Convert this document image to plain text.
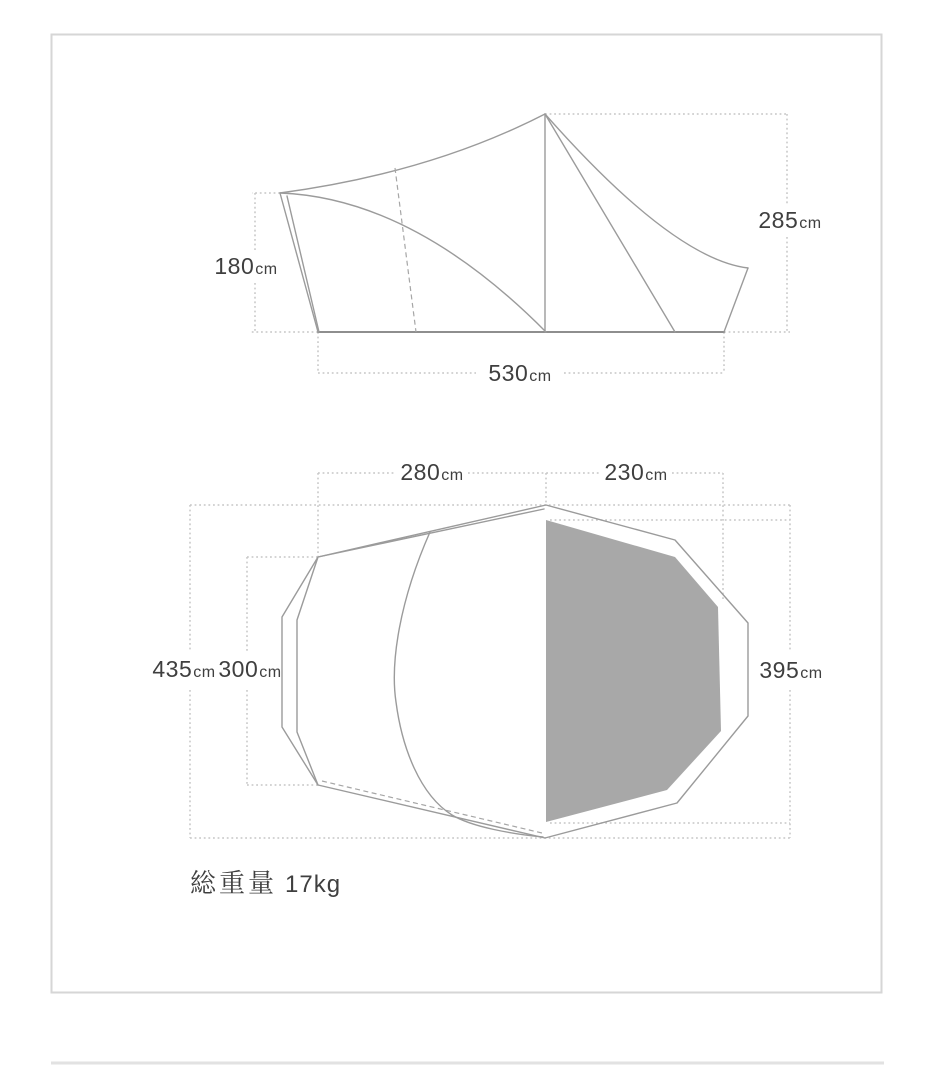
180cm
285cm
530cm
280cm	230cm
435cm 300cm	395cm
総重量 17kg
